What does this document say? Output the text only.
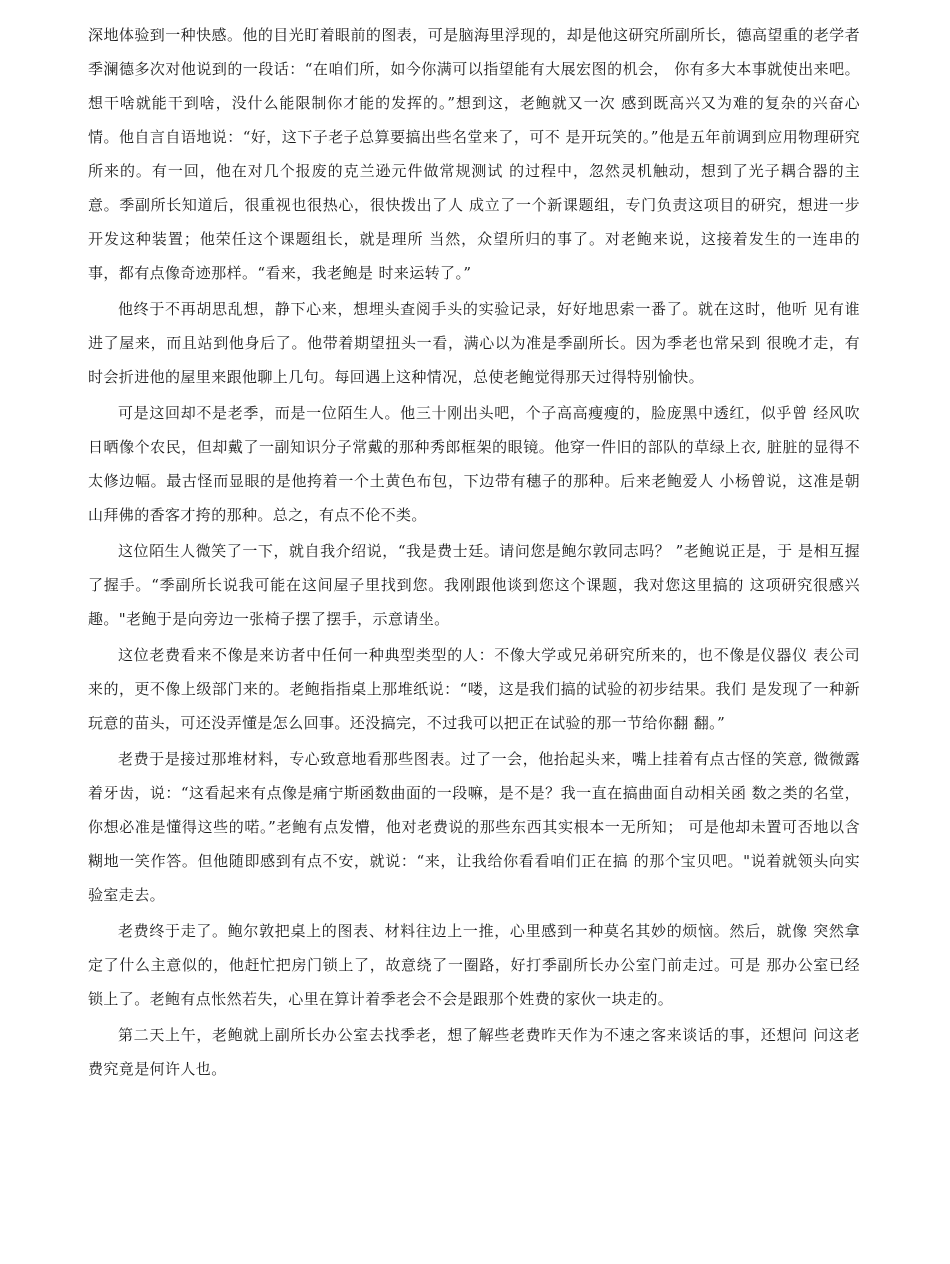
深地体验到一种快感。他的目光盯着眼前的图表，可是脑海里浮现的，却是他这研究所副所长，德高望重的老学者季澜德多次对他说到的一段话：“在咱们所，如今你满可以指望能有大展宏图的机会， 你有多大本事就使出来吧。想干啥就能干到啥，没什么能限制你才能的发挥的。”想到这，老鲍就又一次 感到既高兴又为难的复杂的兴奋心情。他自言自语地说：“好，这下子老子总算要搞出些名堂来了，可不 是开玩笑的。”他是五年前调到应用物理研究所来的。有一回，他在对几个报废的克兰逊元件做常规测试 的过程中，忽然灵机触动，想到了光子耦合器的主意。季副所长知道后，很重视也很热心，很快拨出了人 成立了一个新课题组，专门负责这项目的研究，想进一步开发这种装置；他荣任这个课题组长，就是理所 当然，众望所归的事了。对老鲍来说，这接着发生的一连串的事，都有点像奇迹那样。“看来，我老鲍是 时来运转了。”

他终于不再胡思乱想，静下心来，想埋头查阅手头的实验记录，好好地思索一番了。就在这时，他听 见有谁进了屋来，而且站到他身后了。他带着期望扭头一看，满心以为准是季副所长。因为季老也常呆到 很晚才走，有时会折进他的屋里来跟他聊上几句。每回遇上这种情况，总使老鲍觉得那天过得特别愉快。

可是这回却不是老季，而是一位陌生人。他三十刚出头吧，个子高高瘦瘦的，脸庞黑中透红，似乎曾 经风吹日晒像个农民，但却戴了一副知识分子常戴的那种秀郎框架的眼镜。他穿一件旧的部队的草绿上衣, 脏脏的显得不太修边幅。最古怪而显眼的是他挎着一个土黄色布包，下边带有穗子的那种。后来老鲍爱人 小杨曾说，这准是朝山拜佛的香客才挎的那种。总之，有点不伦不类。

这位陌生人微笑了一下，就自我介绍说，“我是费士廷。请问您是鲍尔敦同志吗？ ”老鲍说正是，于 是相互握了握手。“季副所长说我可能在这间屋子里找到您。我刚跟他谈到您这个课题，我对您这里搞的 这项研究很感兴趣。"老鲍于是向旁边一张椅子摆了摆手，示意请坐。

这位老费看来不像是来访者中任何一种典型类型的人：不像大学或兄弟研究所来的，也不像是仪器仪 表公司来的，更不像上级部门来的。老鲍指指桌上那堆纸说：“喽，这是我们搞的试验的初步结果。我们 是发现了一种新玩意的苗头，可还没弄懂是怎么回事。还没搞完，不过我可以把正在试验的那一节给你翻 翻。”

老费于是接过那堆材料，专心致意地看那些图表。过了一会，他抬起头来，嘴上挂着有点古怪的笑意, 微微露着牙齿，说：“这看起来有点像是痛宁斯函数曲面的一段嘛，是不是？我一直在搞曲面自动相关函 数之类的名堂，你想必准是懂得这些的喏。”老鲍有点发懵，他对老费说的那些东西其实根本一无所知； 可是他却未置可否地以含糊地一笑作答。但他随即感到有点不安，就说：“来，让我给你看看咱们正在搞 的那个宝贝吧。"说着就领头向实验室走去。

老费终于走了。鲍尔敦把桌上的图表、材料往边上一推，心里感到一种莫名其妙的烦恼。然后，就像 突然拿定了什么主意似的，他赶忙把房门锁上了，故意绕了一圈路，好打季副所长办公室门前走过。可是 那办公室已经锁上了。老鲍有点怅然若失，心里在算计着季老会不会是跟那个姓费的家伙一块走的。

第二天上午，老鲍就上副所长办公室去找季老，想了解些老费昨天作为不速之客来谈话的事，还想问 问这老费究竟是何许人也。
